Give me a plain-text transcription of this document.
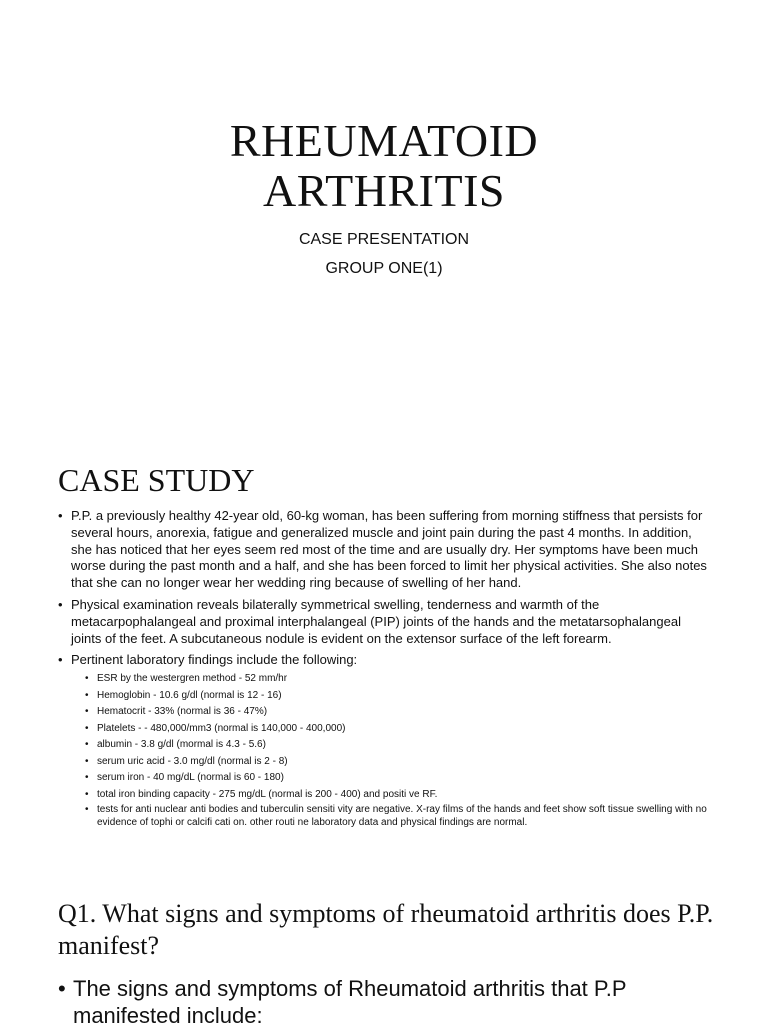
RHEUMATOID
ARTHRITIS
CASE PRESENTATION
GROUP ONE(1)
CASE STUDY
• P.P. a previously healthy 42-year old, 60-kg woman, has been suffering from morning stiffness that persists for several hours, anorexia, fatigue and generalized muscle and joint pain during the past 4 months. In addition, she has noticed that her eyes seem red most of the time and are usually dry. Her symptoms have been much worse during the past month and a half, and she has been forced to limit her physical activities. She also notes that she can no longer wear her wedding ring because of swelling of her hand.
• Physical examination reveals bilaterally symmetrical swelling, tenderness and warmth of the metacarpophalangeal and proximal interphalangeal (PIP) joints of the hands and the metatarsophalangeal joints of the feet. A subcutaneous nodule is evident on the extensor surface of the left forearm.
• Pertinent laboratory findings include the following:
• ESR by the westergren method - 52 mm/hr
• Hemoglobin - 10.6 g/dl (normal is 12 - 16)
• Hematocrit - 33% (normal is 36 - 47%)
• Platelets - - 480,000/mm3 (normal is 140,000 - 400,000)
• albumin - 3.8 g/dl (mormal is 4.3 - 5.6)
• serum uric acid - 3.0 mg/dl (normal is 2 - 8)
• serum iron - 40 mg/dL (normal is 60 - 180)
• total iron binding capacity - 275 mg/dL (normal is 200 - 400) and positi ve RF.
• tests for anti nuclear anti bodies and tuberculin sensiti vity are negative. X-ray films of the hands and feet show soft tissue swelling with no evidence of tophi or calcifi cati on. other routi ne laboratory data and physical findings are normal.
Q1. What signs and symptoms of rheumatoid arthritis does P.P. manifest?
• The signs and symptoms of Rheumatoid arthritis that P.P manifested include:
